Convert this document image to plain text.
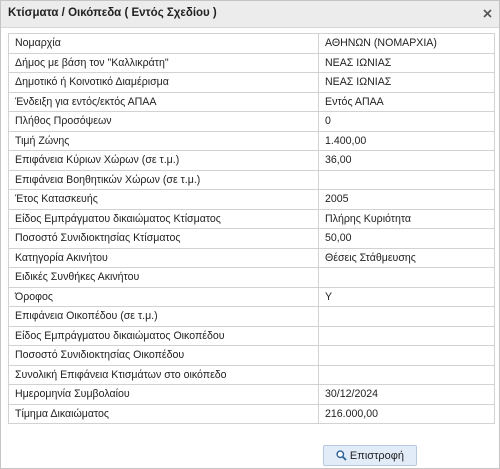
Κτίσματα / Οικόπεδα ( Εντός Σχεδίου )
Νομαρχία	ΑΘΗΝΩΝ (ΝΟΜΑΡΧΙΑ)
Δήμος με βάση τον "Καλλικράτη"	ΝΕΑΣ ΙΩΝΙΑΣ
Δημοτικό ή Κοινοτικό Διαμέρισμα	ΝΕΑΣ ΙΩΝΙΑΣ
Ένδειξη για εντός/εκτός ΑΠΑΑ	Εντός ΑΠΑΑ
Πλήθος Προσόψεων	0
Τιμή Ζώνης	1.400,00
Επιφάνεια Κύριων Χώρων (σε τ.μ.)	36,00
Επιφάνεια Βοηθητικών Χώρων (σε τ.μ.)	
Έτος Κατασκευής	2005
Είδος Εμπράγματου δικαιώματος Κτίσματος	Πλήρης Κυριότητα
Ποσοστό Συνιδιοκτησίας Κτίσματος	50,00
Κατηγορία Ακινήτου	Θέσεις Στάθμευσης
Ειδικές Συνθήκες Ακινήτου	
Όροφος	Υ
Επιφάνεια Οικοπέδου (σε τ.μ.)	
Είδος Εμπράγματου δικαιώματος Οικοπέδου	
Ποσοστό Συνιδιοκτησίας Οικοπέδου	
Συνολική Επιφάνεια Κτισμάτων στο οικόπεδο	
Ημερομηνία Συμβολαίου	30/12/2024
Τίμημα Δικαιώματος	216.000,00
Επιστροφή
